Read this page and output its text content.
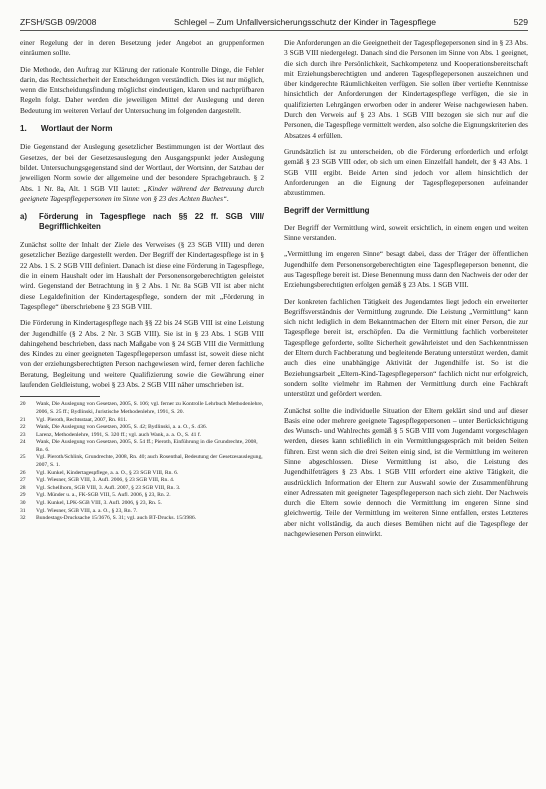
ZFSH/SGB 09/2008	Schlegel – Zum Unfallversicherungsschutz der Kinder in Tagespflege	529

einer Regelung der in deren Besetzung jeder Angebot an gruppenformen einräumen sollte.

Die Methode, den Auftrag zur Klärung der rationale Kontrolle Dinge, die Fehler darin, das Rechtssicherheit der Entscheidungen verständlich. Dies ist nur möglich, wenn die Entscheidungsfindung möglichst eindeutigen, klaren und nachprüfbaren Regeln folgt. Daher werden die jeweiligen Mittel der Auslegung und deren Bedeutung im weiteren Verlauf der Untersuchung im folgenden dargestellt.

1. Wortlaut der Norm

Die Gegenstand der Auslegung gesetzlicher Bestimmungen ist der Wortlaut des Gesetzes, der bei der Gesetzesauslegung den Ausgangspunkt jeder Auslegung bildet. Untersuchungsgegenstand sind der Wortlaut, der Wortsinn, der Satzbau der jeweiligen Norm sowie der allgemeine und der besondere Sprachgebrauch. § 2 Abs. 1 Nr. 8a, Alt. 1 SGB VII lautet: „Kinder während der Betreuung durch geeignete Tagespflegepersonen im Sinne von § 23 des Achten Buches“.

a) Förderung in Tagespflege nach §§ 22 ff. SGB VIII/ Begrifflichkeiten

Zunächst sollte der Inhalt der Ziele des Verweises (§ 23 SGB VIII) und deren gesetzlicher Bezüge dargestellt werden. Der Begriff der Kindertagespflege ist in § 22 Abs. 1 S. 2 SGB VIII definiert. Danach ist diese eine Förderung in Tagespflege, die in einem Haushalt oder im Haushalt der Personensorgeberechtigten geleistet wird. Gegenstand der Betrachtung in § 2 Abs. 1 Nr. 8a SGB VII ist aber nicht diese Legaldefinition der Kindertagespflege, sondern der mit „Förderung in Tagespflege“ überschriebene § 23 SGB VIII.

Die Förderung in Kindertagespflege nach §§ 22 bis 24 SGB VIII ist eine Leistung der Jugendhilfe (§ 2 Abs. 2 Nr. 3 SGB VIII). Sie ist in § 23 Abs. 1 SGB VIII dahingehend beschrieben, dass nach Maßgabe von § 24 SGB VIII die Vermittlung des Kindes zu einer geeigneten Tagespflegeperson umfasst ist, soweit diese nicht von der erziehungsberechtigten Person nachgewiesen wird, ferner deren fachliche Beratung, Begleitung und weitere Qualifizierung sowie die Gewährung einer laufenden Geldleistung, wobei § 23 Abs. 2 SGB VIII näher umschrieben ist.

20	Wank, Die Auslegung von Gesetzen, 2005, S. 106; vgl. ferner zu Kontrolle Lehrbuch Methodenlehre, 2006, S. 25 ff.; Bydlinski, Juristische Methodenlehre, 1991, S. 20.
21	Vgl. Pieroth, Rechtsstaat, 2007, Rn. 811.
22	Wank, Die Auslegung von Gesetzen, 2005, S. 42; Bydlinski, a. a. O., S. 436.
23	Larenz, Methodenlehre, 1991, S. 320 ff.; vgl. auch Wank, a. a. O., S. 41 f.
24	Wank, Die Auslegung von Gesetzen, 2005, S. 54 ff.; Pieroth, Einführung in die Grundrechte, 2008, Rn. 6.
25	Vgl. Pieroth/Schlink, Grundrechte, 2008, Rn. 40; auch Rosenthal, Bedeutung der Gesetzesauslegung, 2007, S. 1.
26	Vgl. Kunkel, Kindertagespflege, a. a. O., § 23 SGB VIII, Rn. 6.
27	Vgl. Wiesner, SGB VIII, 3. Aufl. 2006, § 23 SGB VIII, Rn. 4.
28	Vgl. Schellhorn, SGB VIII, 3. Aufl. 2007, § 23 SGB VIII, Rn. 3.
29	Vgl. Münder u. a., FK-SGB VIII, 5. Aufl. 2006, § 23, Rn. 2.
30	Vgl. Kunkel, LPK-SGB VIII, 3. Aufl. 2006, § 23, Rn. 5.
31	Vgl. Wiesner, SGB VIII, a. a. O., § 23, Rn. 7.
32	Bundestags-Drucksache 15/3676, S. 31; vgl. auch BT-Drucks. 15/3986.

Die Anforderungen an die Geeignetheit der Tagespflegepersonen sind in § 23 Abs. 3 SGB VIII niedergelegt. Danach sind die Personen im Sinne von Abs. 1 geeignet, die sich durch ihre Persönlichkeit, Sachkompetenz und Kooperationsbereitschaft mit Erziehungsberechtigten und anderen Tagespflegepersonen auszeichnen und über kindgerechte Räumlichkeiten verfügen. Sie sollen über vertiefte Kenntnisse hinsichtlich der Anforderungen der Kindertagespflege verfügen, die sie in qualifizierten Lehrgängen erworben oder in anderer Weise nachgewiesen haben. Durch den Verweis auf § 23 Abs. 1 SGB VIII bezogen sie sich nur auf die Personen, die Tagespflege vermittelt werden, also solche die Eignungskriterien des Absatzes 4 erfüllen.

Grundsätzlich ist zu unterscheiden, ob die Förderung erforderlich und erfolgt gemäß § 23 SGB VIII oder, ob sich um einen Einzelfall handelt, der § 43 Abs. 1 SGB VIII ergibt. Beide Arten sind jedoch vor allem hinsichtlich der Anforderungen an die Eignung der Tagespflegepersonen aufeinander abzustimmen.

Begriff der Vermittlung

Der Begriff der Vermittlung wird, soweit ersichtlich, in einem engen und weiten Sinne verstanden.

„Vermittlung im engeren Sinne“ besagt dabei, dass der Träger der öffentlichen Jugendhilfe dem Personensorgeberechtigten eine Tagespflegeperson benennt, die aus Tagespflege bereit ist. Diese Benennung muss dann den Nachweis der oder der Erziehungsberechtigten erfolgen gemäß § 23 Abs. 1 SGB VIII.

Der konkreten fachlichen Tätigkeit des Jugendamtes liegt jedoch ein erweiterter Begriffsverständnis der Vermittlung zugrunde. Die Leistung „Vermittlung“ kann sich nicht lediglich in dem Bekanntmachen der Eltern mit einer Person, die zur Tagespflege bereit ist, erschöpfen. Da die Vermittlung fachlich vorbereiteter Tagespflege geforderte, sollte Sicherheit gewährleistet und den Sachkenntnissen der Eltern durch Fachberatung und begleitende Beratung unterstützt werden, damit auch dies eine unabhängige Aktivität der Jugendhilfe ist. So ist die Beziehungsarbeit „Eltern-Kind-Tagespflegeperson“ fachlich nicht nur erfolgreich, sondern sollte vielmehr im Rahmen der Vermittlung durch eine Fachkraft unterstützt und gefördert werden.

Zunächst sollte die individuelle Situation der Eltern geklärt sind und auf dieser Basis eine oder mehrere geeignete Tagespflegepersonen – unter Berücksichtigung des Wunsch- und Wahlrechts gemäß § 5 SGB VIII vom Jugendamt vorgeschlagen werden, dieses kann schließlich in ein Vermittlungsgespräch mit beiden Seiten führen. Erst wenn sich die drei Seiten einig sind, ist die Vermittlung im weiteren Sinne abgeschlossen. Diese Vermittlung ist also, die Leistung des Jugendhilfeträgers § 23 Abs. 1 SGB VIII erfordert eine aktive Tätigkeit, die ausdrücklich Information der Eltern zur Auswahl sowie der Zusammenführung einer Adressaten mit geeigneter Tagespflegeperson nach sich zieht. Der Nachweis durch die Eltern sowie dennoch die Vermittlung im engeren Sinne sind gleichwertig. Teile der Vermittlung im weiteren Sinne entfallen, erstes Letzteres aber nicht vollständig, da auch dieses Bemühen nicht auf die Tagespflege der nachgewiesenen Person einwirkt.
